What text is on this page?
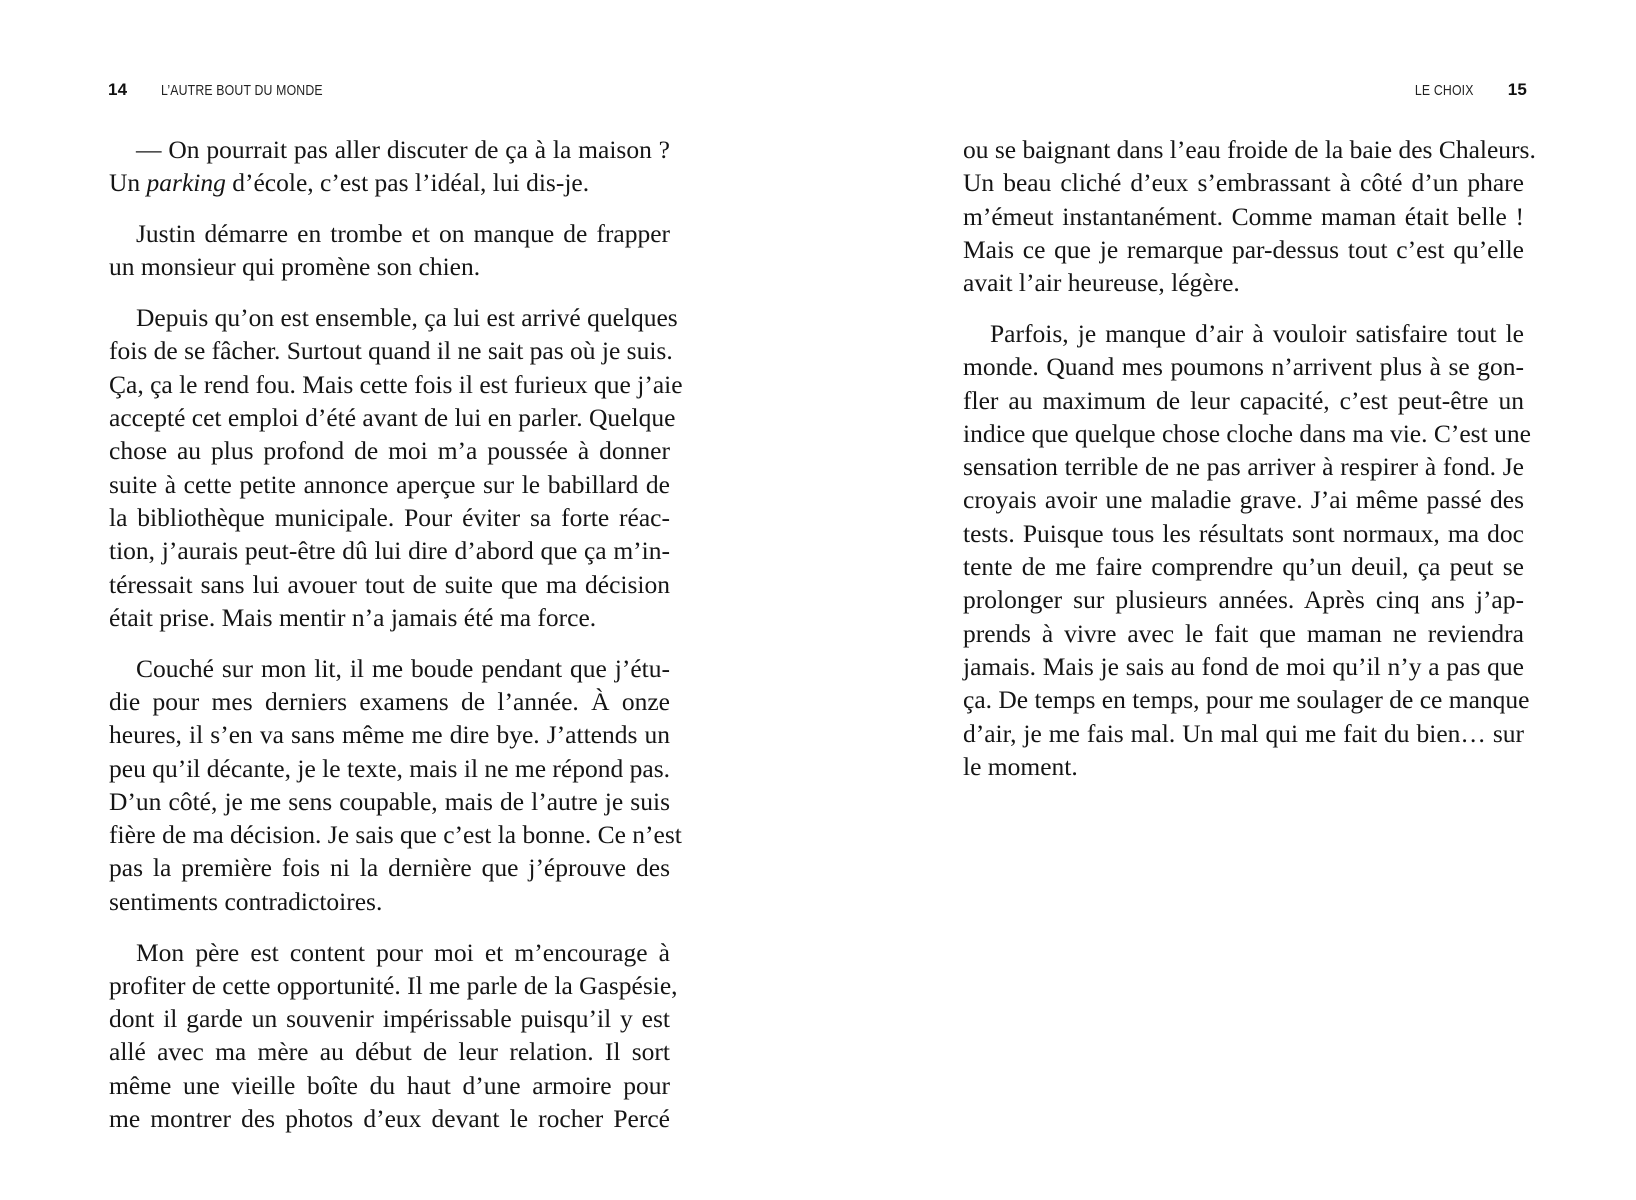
14 L’AUTRE BOUT DU MONDE

— On pourrait pas aller discuter de ça à la maison ?
Un parking d’école, c’est pas l’idéal, lui dis-je.

Justin démarre en trombe et on manque de frapper
un monsieur qui promène son chien.

Depuis qu’on est ensemble, ça lui est arrivé quelques
fois de se fâcher. Surtout quand il ne sait pas où je suis.
Ça, ça le rend fou. Mais cette fois il est furieux que j’aie
accepté cet emploi d’été avant de lui en parler. Quelque
chose au plus profond de moi m’a poussée à donner
suite à cette petite annonce aperçue sur le babillard de
la bibliothèque municipale. Pour éviter sa forte réac-
tion, j’aurais peut-être dû lui dire d’abord que ça m’in-
téressait sans lui avouer tout de suite que ma décision
était prise. Mais mentir n’a jamais été ma force.

Couché sur mon lit, il me boude pendant que j’étu-
die pour mes derniers examens de l’année. À onze
heures, il s’en va sans même me dire bye. J’attends un
peu qu’il décante, je le texte, mais il ne me répond pas.
D’un côté, je me sens coupable, mais de l’autre je suis
fière de ma décision. Je sais que c’est la bonne. Ce n’est
pas la première fois ni la dernière que j’éprouve des
sentiments contradictoires.

Mon père est content pour moi et m’encourage à
profiter de cette opportunité. Il me parle de la Gaspésie,
dont il garde un souvenir impérissable puisqu’il y est
allé avec ma mère au début de leur relation. Il sort
même une vieille boîte du haut d’une armoire pour
me montrer des photos d’eux devant le rocher Percé

LE CHOIX 15

ou se baignant dans l’eau froide de la baie des Chaleurs.
Un beau cliché d’eux s’embrassant à côté d’un phare
m’émeut instantanément. Comme maman était belle !
Mais ce que je remarque par-dessus tout c’est qu’elle
avait l’air heureuse, légère.

Parfois, je manque d’air à vouloir satisfaire tout le
monde. Quand mes poumons n’arrivent plus à se gon-
fler au maximum de leur capacité, c’est peut-être un
indice que quelque chose cloche dans ma vie. C’est une
sensation terrible de ne pas arriver à respirer à fond. Je
croyais avoir une maladie grave. J’ai même passé des
tests. Puisque tous les résultats sont normaux, ma doc
tente de me faire comprendre qu’un deuil, ça peut se
prolonger sur plusieurs années. Après cinq ans j’ap-
prends à vivre avec le fait que maman ne reviendra
jamais. Mais je sais au fond de moi qu’il n’y a pas que
ça. De temps en temps, pour me soulager de ce manque
d’air, je me fais mal. Un mal qui me fait du bien… sur
le moment.
